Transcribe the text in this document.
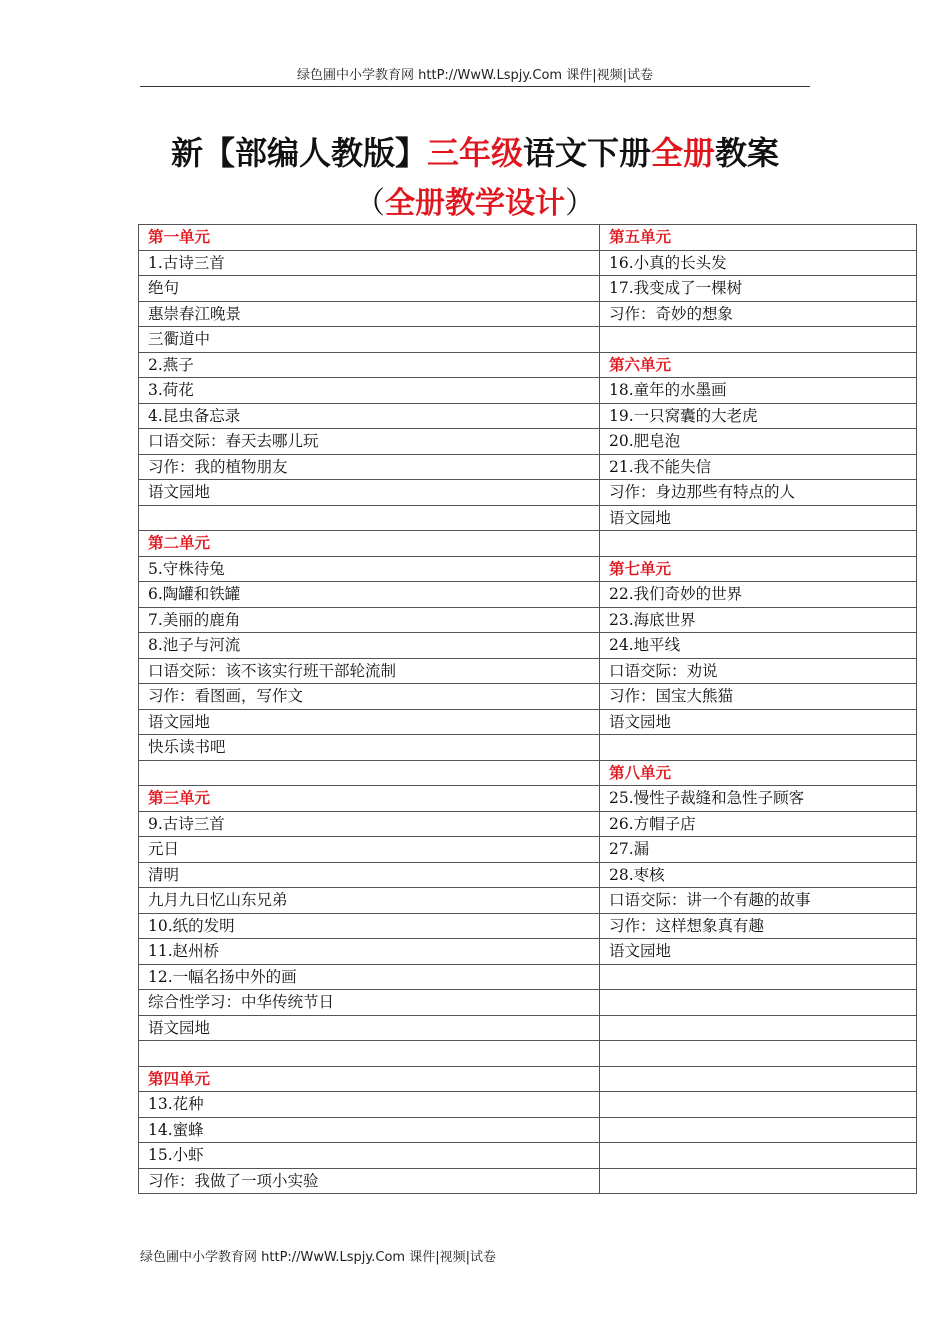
绿色圃中小学教育网 httP://WwW.Lspjy.Com 课件|视频|试卷
新【部编人教版】三年级语文下册全册教案
（全册教学设计）
第一单元	第五单元
1.古诗三首	16.小真的长头发
绝句	17.我变成了一棵树
惠崇春江晚景	习作：奇妙的想象
三衢道中	
2.燕子	第六单元
3.荷花	18.童年的水墨画
4.昆虫备忘录	19.一只窝囊的大老虎
口语交际：春天去哪儿玩	20.肥皂泡
习作：我的植物朋友	21.我不能失信
语文园地	习作：身边那些有特点的人
	语文园地
第二单元	
5.守株待兔	第七单元
6.陶罐和铁罐	22.我们奇妙的世界
7.美丽的鹿角	23.海底世界
8.池子与河流	24.地平线
口语交际：该不该实行班干部轮流制	口语交际：劝说
习作：看图画，写作文	习作：国宝大熊猫
语文园地	语文园地
快乐读书吧	
	第八单元
第三单元	25.慢性子裁缝和急性子顾客
9.古诗三首	26.方帽子店
元日	27.漏
清明	28.枣核
九月九日忆山东兄弟	口语交际：讲一个有趣的故事
10.纸的发明	习作：这样想象真有趣
11.赵州桥	语文园地
12.一幅名扬中外的画	
综合性学习：中华传统节日	
语文园地	

第四单元	
13.花种	
14.蜜蜂	
15.小虾	
习作：我做了一项小实验	
绿色圃中小学教育网 httP://WwW.Lspjy.Com 课件|视频|试卷
